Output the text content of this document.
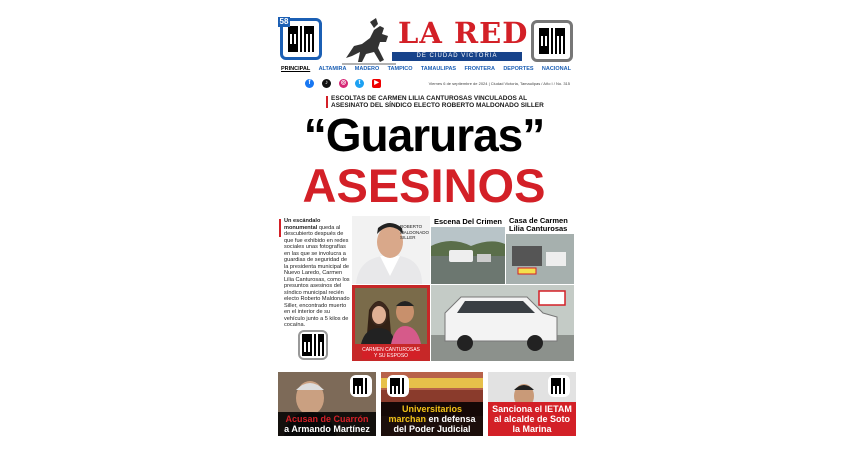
58	LA RED
DE CIUDAD VICTORIA
PRINCIPAL ALTAMIRA MADERO TAMPICO TAMAULIPAS FRONTERA DEPORTES NACIONAL
f	♪	◎	t	▶	Viernes 6 de septiembre de 2024 | Ciudad Victoria, Tamaulipas / Año I / No. 315
ESCOLTAS DE CARMEN LILIA CANTUROSAS VINCULADOS AL ASESINATO DEL SÍNDICO ELECTO ROBERTO MALDONADO SILLER
“Guaruras”
ASESINOS
Un escándalo monumental queda al descubierto después de que fue exhibido en redes sociales unas fotografías en las que se involucra a guardias de seguridad de la presidenta municipal de Nuevo Laredo, Carmen Lilia Canturosas, como los presuntos asesinos del síndico municipal recién electo Roberto Maldonado Siller, encontrado muerto en el interior de su vehículo junto a 5 kilos de cocaína.
ROBERTO MALDONADO SILLER
CARMEN CANTUROSAS Y SU ESPOSO
Escena Del Crimen Casa de Carmen Lilia Canturosas
Acusan de Cuarrón
a Armando Martínez
Universitarios marchan en defensa del Poder Judicial
Sanciona el IETAM al alcalde de Soto la Marina
